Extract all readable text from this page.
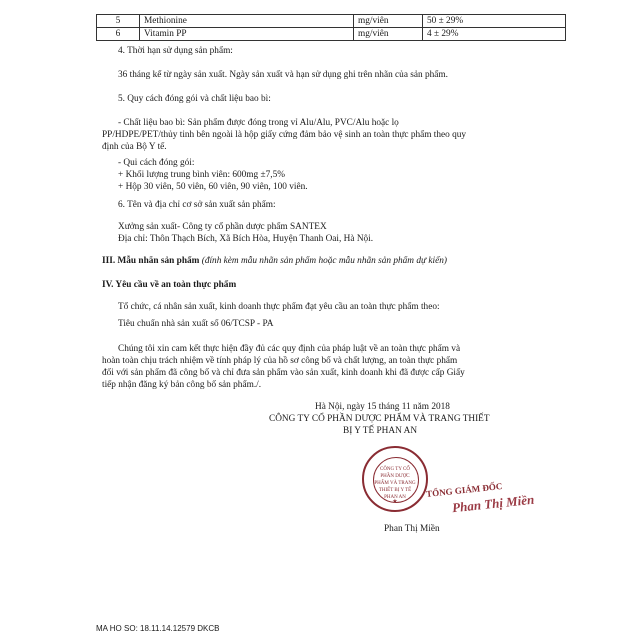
5	Methionine	mg/viên	50 ± 29%
6	Vitamin PP	mg/viên	4 ± 29%
4. Thời hạn sử dụng sản phẩm:
36 tháng kể từ ngày sản xuất. Ngày sản xuất và hạn sử dụng ghi trên nhãn của sản phẩm.
5. Quy cách đóng gói và chất liệu bao bì:
- Chất liệu bao bì: Sản phẩm được đóng trong vỉ Alu/Alu, PVC/Alu hoặc lọ
PP/HDPE/PET/thủy tinh bên ngoài là hộp giấy cứng đảm bảo vệ sinh an toàn thực phẩm theo quy
định của Bộ Y tế.
- Qui cách đóng gói:
+ Khối lượng trung bình viên: 600mg ±7,5%
+ Hộp 30 viên, 50 viên, 60 viên, 90 viên, 100 viên.
6. Tên và địa chỉ cơ sở sản xuất sản phẩm:
Xưởng sản xuất- Công ty cổ phần dược phẩm SANTEX
Địa chỉ: Thôn Thạch Bích, Xã Bích Hòa, Huyện Thanh Oai, Hà Nội.
III. Mẫu nhãn sản phẩm (đính kèm mẫu nhãn sản phẩm hoặc mẫu nhãn sản phẩm dự kiến)
IV. Yêu cầu về an toàn thực phẩm
Tổ chức, cá nhân sản xuất, kinh doanh thực phẩm đạt yêu cầu an toàn thực phẩm theo:
Tiêu chuẩn nhà sản xuất số 06/TCSP - PA
Chúng tôi xin cam kết thực hiện đầy đủ các quy định của pháp luật về an toàn thực phẩm và
hoàn toàn chịu trách nhiệm về tính pháp lý của hồ sơ công bố và chất lượng, an toàn thực phẩm
đối với sản phẩm đã công bố và chỉ đưa sản phẩm vào sản xuất, kinh doanh khi đã được cấp Giấy
tiếp nhận đăng ký bản công bố sản phẩm./.
Hà Nội, ngày 15 tháng 11 năm 2018
CÔNG TY CỔ PHẦN DƯỢC PHẨM VÀ TRANG THIẾT
BỊ Y TẾ PHAN AN
CÔNG TY CỔ PHẦN DƯỢC PHẨM VÀ TRANG THIẾT BỊ Y TẾ PHAN AN
★
TỔNG GIÁM ĐỐC
Phan Thị Miền
Phan Thị Miền
MA HO SO: 18.11.14.12579 DKCB
